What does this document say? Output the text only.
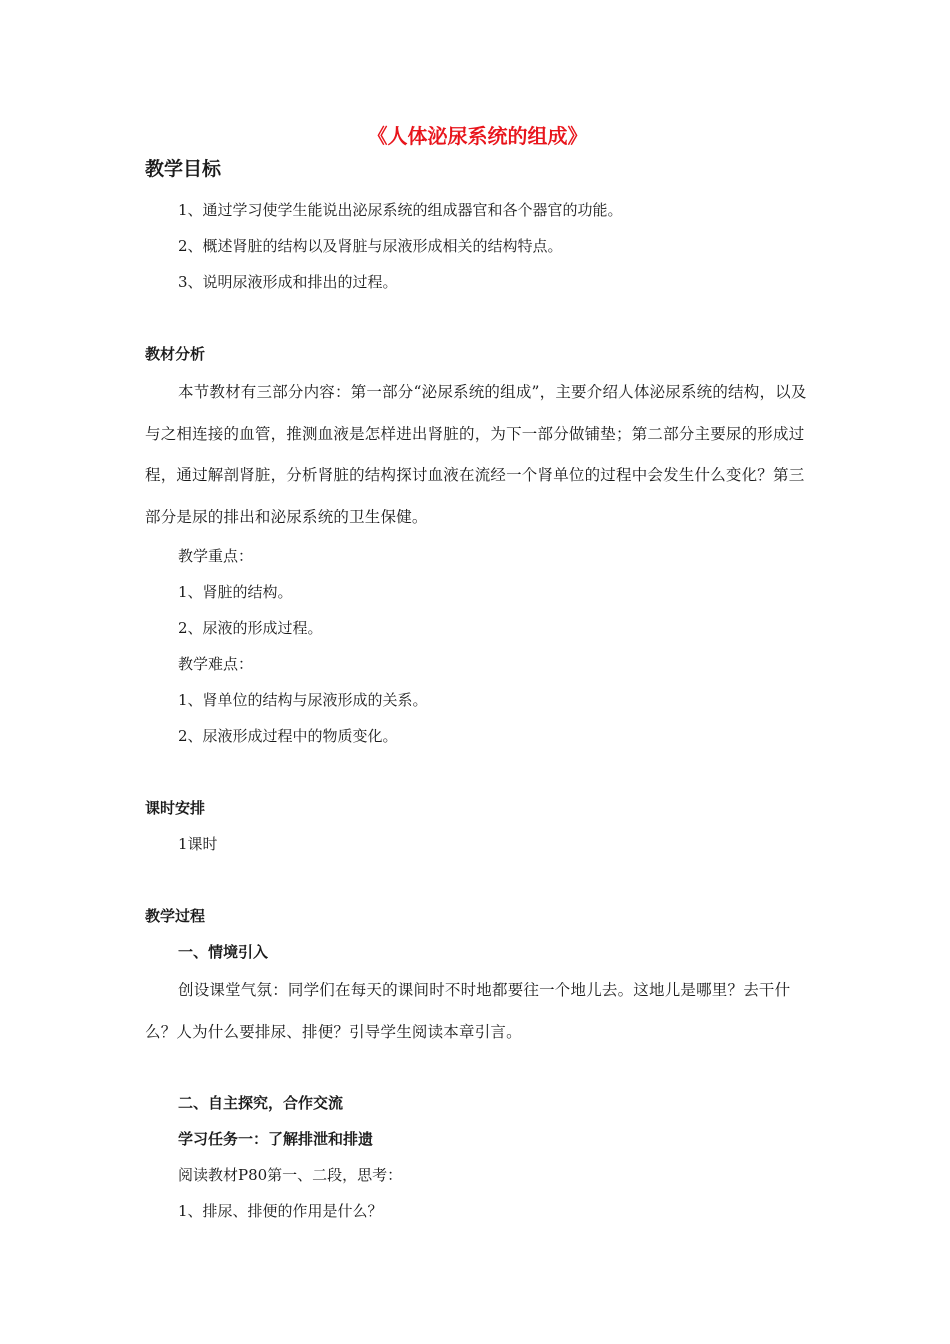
《人体泌尿系统的组成》
教学目标

1、通过学习使学生能说出泌尿系统的组成器官和各个器官的功能。

2、概述肾脏的结构以及肾脏与尿液形成相关的结构特点。

3、说明尿液形成和排出的过程。

教材分析

本节教材有三部分内容：第一部分“泌尿系统的组成”，主要介绍人体泌尿系统的结构，以及与之相连接的血管，推测血液是怎样进出肾脏的，为下一部分做铺垫；第二部分主要尿的形成过程，通过解剖肾脏，分析肾脏的结构探讨血液在流经一个肾单位的过程中会发生什么变化？第三部分是尿的排出和泌尿系统的卫生保健。

教学重点：

1、肾脏的结构。

2、尿液的形成过程。

教学难点：

1、肾单位的结构与尿液形成的关系。

2、尿液形成过程中的物质变化。

课时安排

1课时

教学过程

一、情境引入

创设课堂气氛：同学们在每天的课间时不时地都要往一个地儿去。这地儿是哪里？去干什么？人为什么要排尿、排便？引导学生阅读本章引言。

二、自主探究，合作交流

学习任务一：了解排泄和排遗

阅读教材P80第一、二段，思考：

1、排尿、排便的作用是什么？
